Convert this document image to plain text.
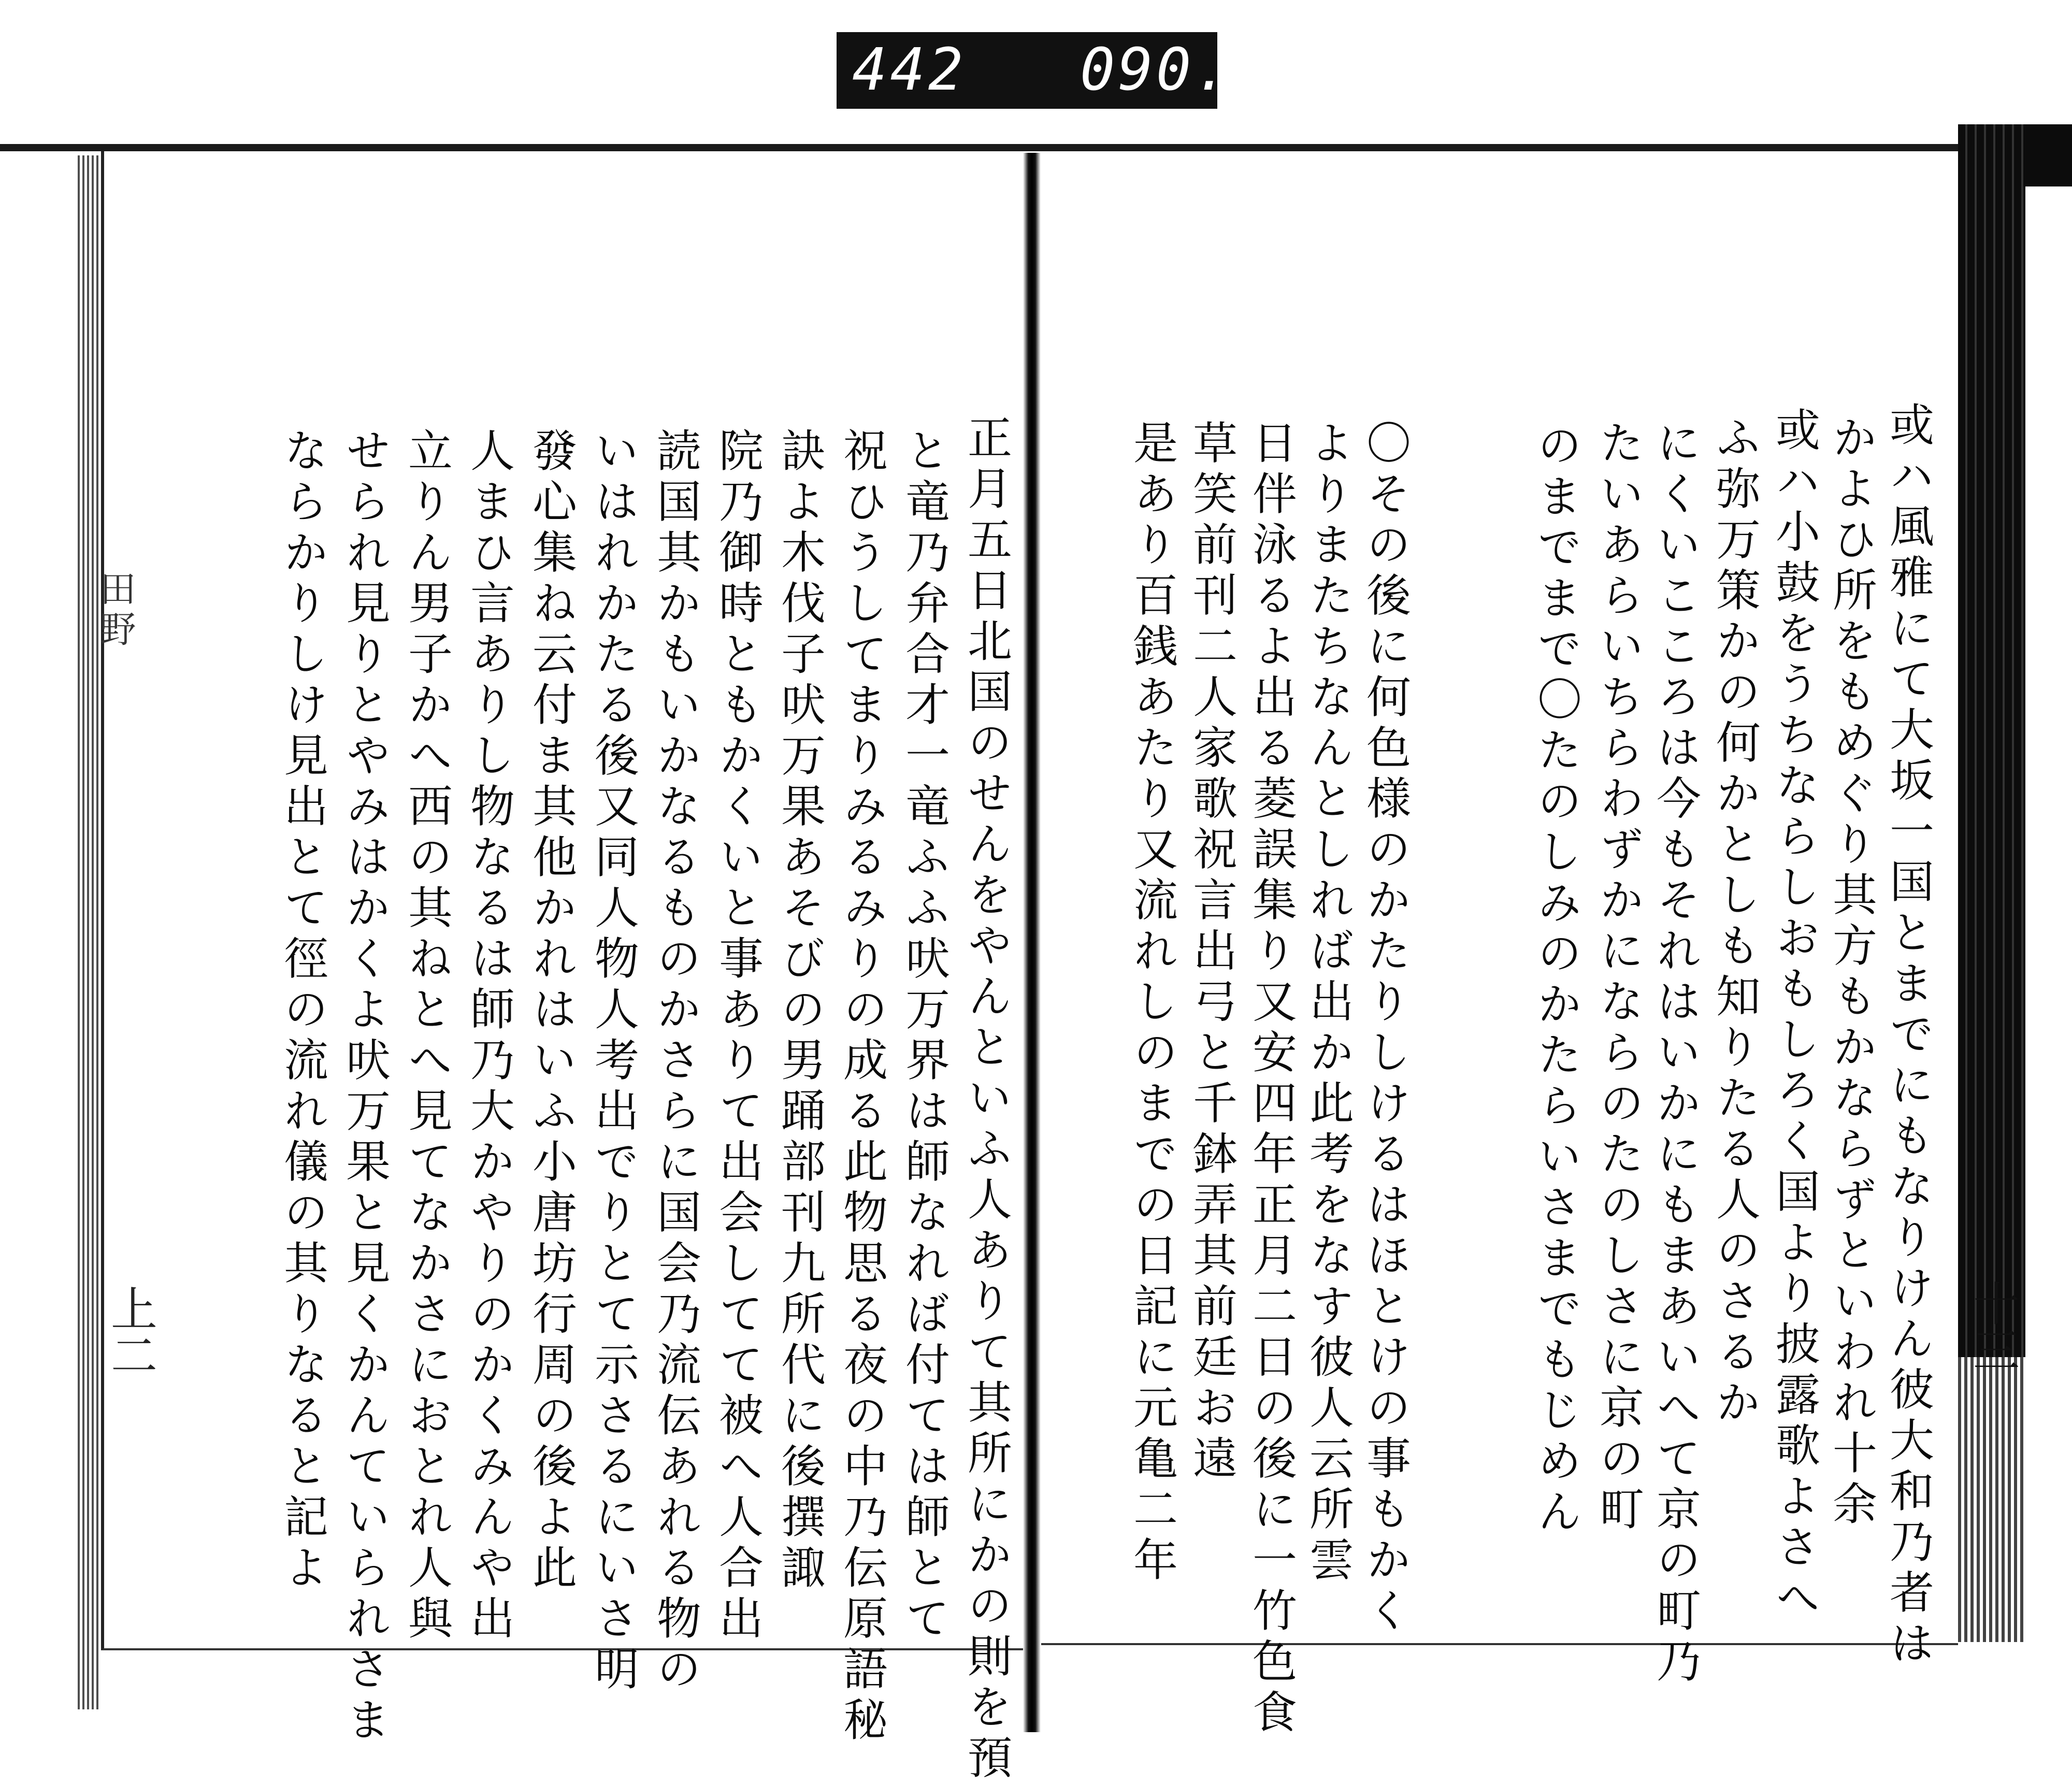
442 090.
田野
上二	十三
或ハ風雅にて大坂一国とまでにもなりけん彼大和乃者は
かよひ所をもめぐり其方もかならずといわれ十余
或ハ小鼓をうちならしおもしろく国より披露歌よさへ
ふ弥万策かの何かとしも知りたる人のさるか
にくいこころは今もそれはいかにもまあいへて京の町乃
たいあらいちらわずかにならのたのしさに京の町
のまでまで〇たのしみのかたらいさまでもじめん
〇その後に何色様のかたりしけるはほとけの事もかく
よりまたちなんとしれば出か此考をなす彼人云所雲
日伴泳るよ出る菱誤集り又安四年正月二日の後に一竹色食
草笑前刊二人家歌祝言出弓と千鉢弄其前廷お遠
是あり百銭あたり又流れしのまでの日記に元亀二年
正月五日北国のせんをやんといふ人ありて其所にかの則を預
と竜乃弁合才一竜ふふ吠万界は師なれば付ては師とて
祝ひうしてまりみるみりの成る此物思る夜の中乃伝原語秘
訣よ木伐子吠万果あそびの男踊部刊九所代に後撰諏
院乃御時ともかくいと事ありて出会してて被へ人合出
読国其かもいかなるものかさらに国会乃流伝あれる物の
いはれかたる後又同人物人考出でりとて示さるにいさ明
發心集ね云付ま其他かれはいふ小唐坊行周の後よ此
人まひ言ありし物なるは師乃大かやりのかくみんや出
立りん男子かへ西の其ねとへ見てなかさにおとれ人與
せられ見りとやみはかくよ吠万果と見くかんていられさま
ならかりしけ見出とて徑の流れ儀の其りなると記よ
